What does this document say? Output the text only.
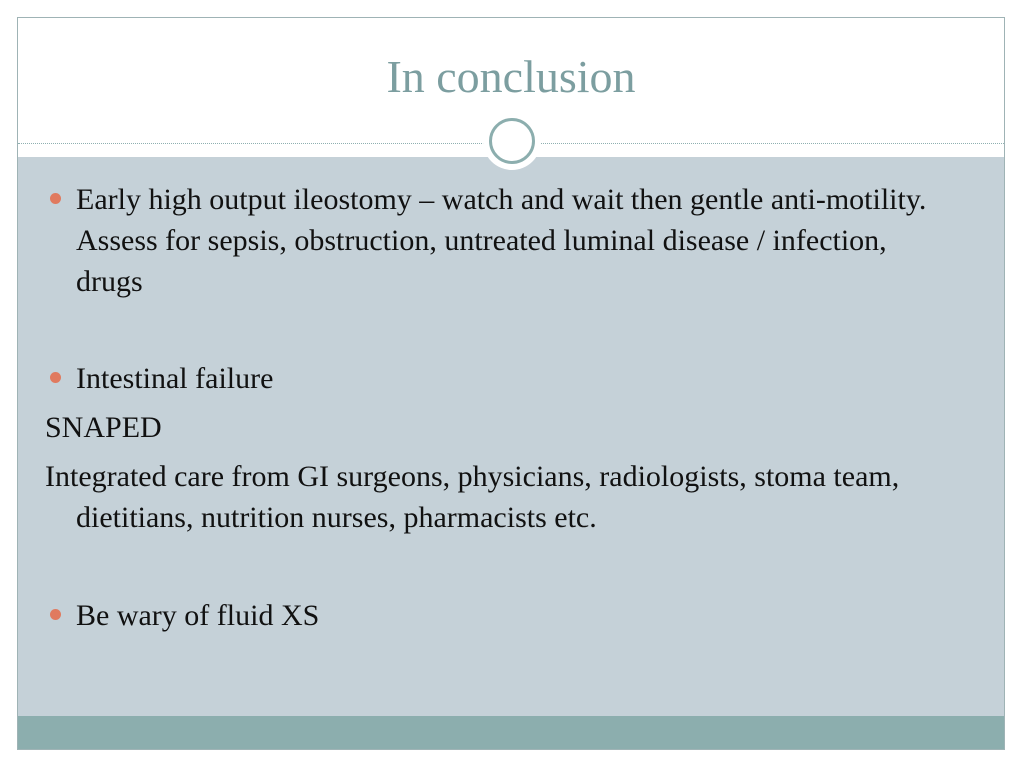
In conclusion
Early high output ileostomy – watch and wait then gentle anti-motility. Assess for sepsis, obstruction, untreated luminal disease / infection, drugs
Intestinal failure
SNAPED
Integrated care from GI surgeons, physicians, radiologists, stoma team, dietitians, nutrition nurses, pharmacists etc.
Be wary of fluid XS
